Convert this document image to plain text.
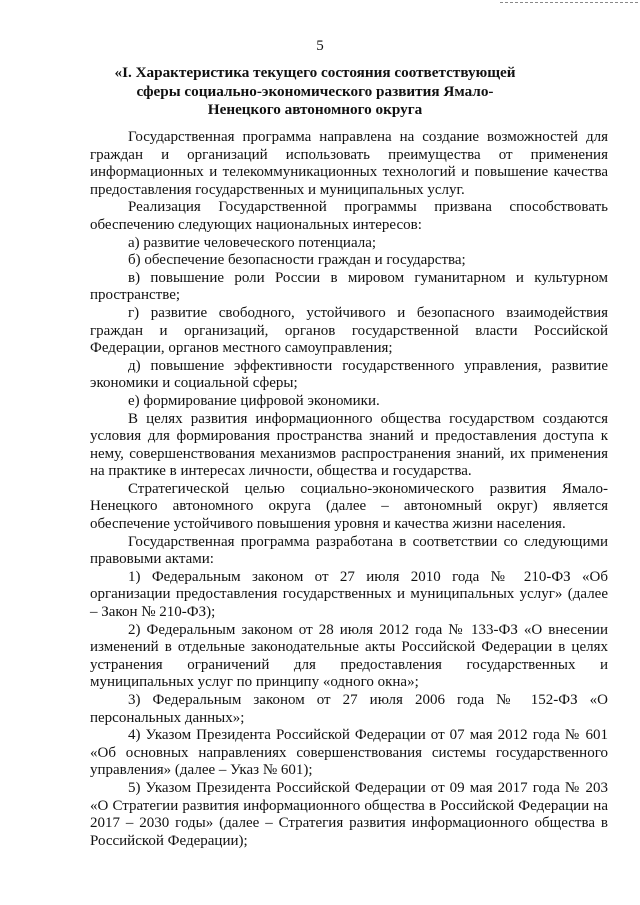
5
«I. Характеристика текущего состояния соответствующей сферы социально-экономического развития Ямало-Ненецкого автономного округа

Государственная программа направлена на создание возможностей для граждан и организаций использовать преимущества от применения информационных и телекоммуникационных технологий и повышение качества предоставления государственных и муниципальных услуг.

Реализация Государственной программы призвана способствовать обеспечению следующих национальных интересов:

а) развитие человеческого потенциала;

б) обеспечение безопасности граждан и государства;

в) повышение роли России в мировом гуманитарном и культурном пространстве;

г) развитие свободного, устойчивого и безопасного взаимодействия граждан и организаций, органов государственной власти Российской Федерации, органов местного самоуправления;

д) повышение эффективности государственного управления, развитие экономики и социальной сферы;

е) формирование цифровой экономики.

В целях развития информационного общества государством создаются условия для формирования пространства знаний и предоставления доступа к нему, совершенствования механизмов распространения знаний, их применения на практике в интересах личности, общества и государства.

Стратегической целью социально-экономического развития Ямало-Ненецкого автономного округа (далее – автономный округ) является обеспечение устойчивого повышения уровня и качества жизни населения.

Государственная программа разработана в соответствии со следующими правовыми актами:

1) Федеральным законом от 27 июля 2010 года № 210-ФЗ «Об организации предоставления государственных и муниципальных услуг» (далее – Закон № 210-ФЗ);

2) Федеральным законом от 28 июля 2012 года № 133-ФЗ «О внесении изменений в отдельные законодательные акты Российской Федерации в целях устранения ограничений для предоставления государственных и муниципальных услуг по принципу «одного окна»;

3) Федеральным законом от 27 июля 2006 года № 152-ФЗ «О персональных данных»;

4) Указом Президента Российской Федерации от 07 мая 2012 года № 601 «Об основных направлениях совершенствования системы государственного управления» (далее – Указ № 601);

5) Указом Президента Российской Федерации от 09 мая 2017 года № 203 «О Стратегии развития информационного общества в Российской Федерации на 2017 – 2030 годы» (далее – Стратегия развития информационного общества в Российской Федерации);
